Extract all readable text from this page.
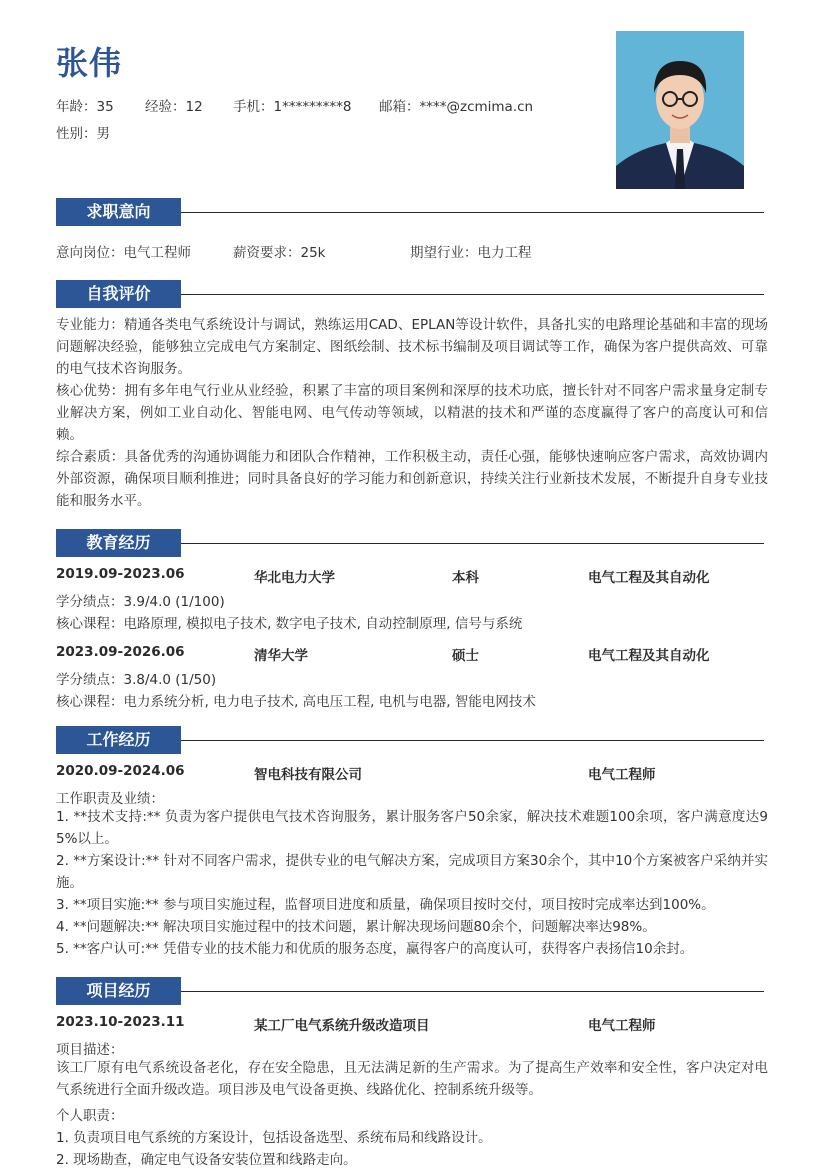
张伟
年龄：35 经验：12 手机：1*********8 邮箱：****@zcmima.cn
性别：男
求职意向
意向岗位：电气工程师	薪资要求：25k	期望行业：电力工程
自我评价
专业能力：精通各类电气系统设计与调试，熟练运用CAD、EPLAN等设计软件，具备扎实的电路理论基础和丰富的现场问题解决经验，能够独立完成电气方案制定、图纸绘制、技术标书编制及项目调试等工作，确保为客户提供高效、可靠的电气技术咨询服务。
核心优势：拥有多年电气行业从业经验，积累了丰富的项目案例和深厚的技术功底，擅长针对不同客户需求量身定制专业解决方案，例如工业自动化、智能电网、电气传动等领域，以精湛的技术和严谨的态度赢得了客户的高度认可和信赖。
综合素质：具备优秀的沟通协调能力和团队合作精神，工作积极主动，责任心强，能够快速响应客户需求，高效协调内外部资源，确保项目顺利推进；同时具备良好的学习能力和创新意识，持续关注行业新技术发展，不断提升自身专业技能和服务水平。
教育经历
2019.09-2023.06	华北电力大学	本科	电气工程及其自动化
学分绩点：3.9/4.0 (1/100)
核心课程：电路原理, 模拟电子技术, 数字电子技术, 自动控制原理, 信号与系统
2023.09-2026.06	清华大学	硕士	电气工程及其自动化
学分绩点：3.8/4.0 (1/50)
核心课程：电力系统分析, 电力电子技术, 高电压工程, 电机与电器, 智能电网技术
工作经历
2020.09-2024.06	智电科技有限公司	电气工程师
工作职责及业绩：
1. **技术支持:** 负责为客户提供电气技术咨询服务，累计服务客户50余家，解决技术难题100余项，客户满意度达95%以上。
2. **方案设计:** 针对不同客户需求，提供专业的电气解决方案，完成项目方案30余个，其中10个方案被客户采纳并实施。
3. **项目实施:** 参与项目实施过程，监督项目进度和质量，确保项目按时交付，项目按时完成率达到100%。
4. **问题解决:** 解决项目实施过程中的技术问题，累计解决现场问题80余个，问题解决率达98%。
5. **客户认可:** 凭借专业的技术能力和优质的服务态度，赢得客户的高度认可，获得客户表扬信10余封。
项目经历
2023.10-2023.11	某工厂电气系统升级改造项目	电气工程师
项目描述：
该工厂原有电气系统设备老化，存在安全隐患，且无法满足新的生产需求。为了提高生产效率和安全性，客户决定对电气系统进行全面升级改造。项目涉及电气设备更换、线路优化、控制系统升级等。
个人职责：
1. 负责项目电气系统的方案设计，包括设备选型、系统布局和线路设计。
2. 现场勘查，确定电气设备安装位置和线路走向。
